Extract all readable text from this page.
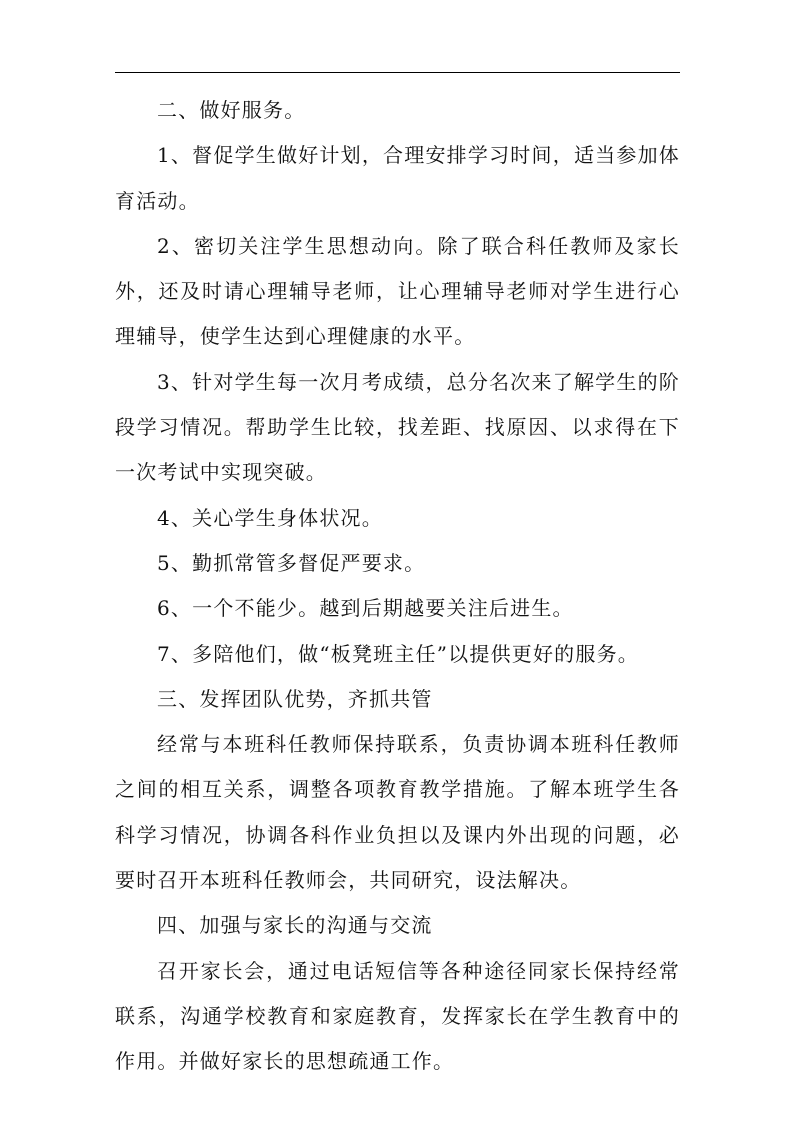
二、做好服务。

1、督促学生做好计划，合理安排学习时间，适当参加体育活动。

2、密切关注学生思想动向。除了联合科任教师及家长外，还及时请心理辅导老师，让心理辅导老师对学生进行心理辅导，使学生达到心理健康的水平。

3、针对学生每一次月考成绩，总分名次来了解学生的阶段学习情况。帮助学生比较，找差距、找原因、以求得在下一次考试中实现突破。

4、关心学生身体状况。

5、勤抓常管多督促严要求。

6、一个不能少。越到后期越要关注后进生。

7、多陪他们，做“板凳班主任”以提供更好的服务。

三、发挥团队优势，齐抓共管

经常与本班科任教师保持联系，负责协调本班科任教师之间的相互关系，调整各项教育教学措施。了解本班学生各科学习情况，协调各科作业负担以及课内外出现的问题，必要时召开本班科任教师会，共同研究，设法解决。

四、加强与家长的沟通与交流

召开家长会，通过电话短信等各种途径同家长保持经常联系，沟通学校教育和家庭教育，发挥家长在学生教育中的作用。并做好家长的思想疏通工作。
